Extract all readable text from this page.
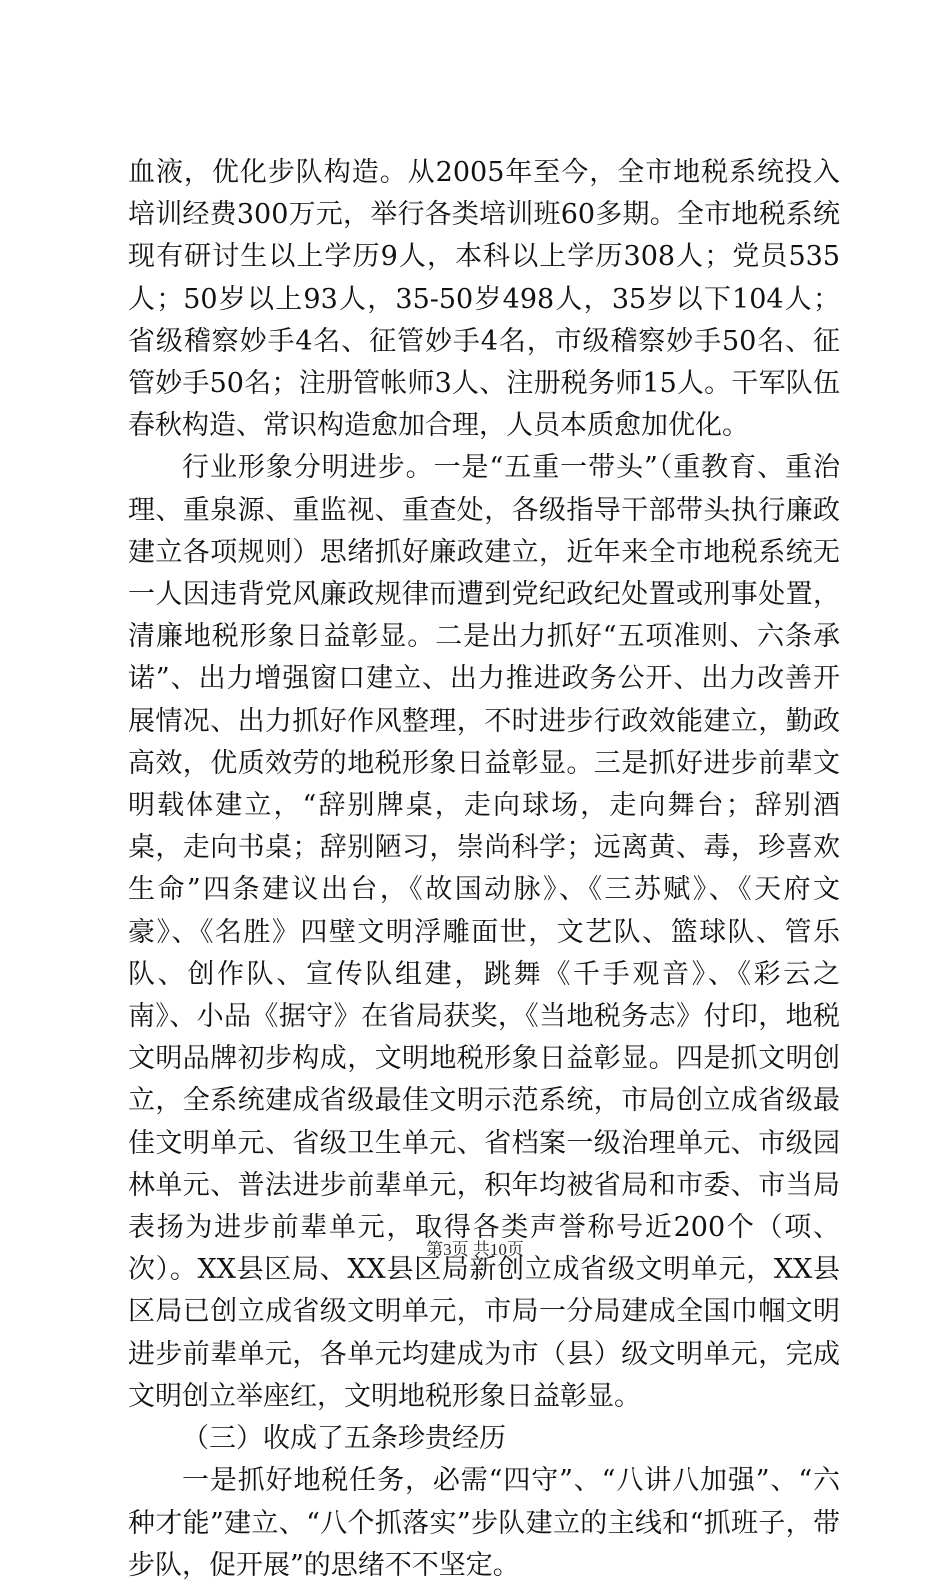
血液，优化步队构造。从2005年至今，全市地税系统投入培训经费300万元，举行各类培训班60多期。全市地税系统现有研讨生以上学历9人，本科以上学历308人；党员535人；50岁以上93人，35-50岁498人，35岁以下104人；省级稽察妙手4名、征管妙手4名，市级稽察妙手50名、征管妙手50名；注册管帐师3人、注册税务师15人。干军队伍春秋构造、常识构造愈加合理，人员本质愈加优化。

行业形象分明进步。一是“五重一带头”（重教育、重治理、重泉源、重监视、重查处，各级指导干部带头执行廉政建立各项规则）思绪抓好廉政建立，近年来全市地税系统无一人因违背党风廉政规律而遭到党纪政纪处置或刑事处置，清廉地税形象日益彰显。二是出力抓好“五项准则、六条承诺”、出力增强窗口建立、出力推进政务公开、出力改善开展情况、出力抓好作风整理，不时进步行政效能建立，勤政高效，优质效劳的地税形象日益彰显。三是抓好进步前辈文明载体建立，“辞别牌桌，走向球场，走向舞台；辞别酒桌，走向书桌；辞别陋习，崇尚科学；远离黄、毒，珍喜欢生命”四条建议出台，《故国动脉》、《三苏赋》、《天府文豪》、《名胜》四壁文明浮雕面世，文艺队、篮球队、管乐队、创作队、宣传队组建，跳舞《千手观音》、《彩云之南》、小品《据守》在省局获奖，《当地税务志》付印，地税文明品牌初步构成，文明地税形象日益彰显。四是抓文明创立，全系统建成省级最佳文明示范系统，市局创立成省级最佳文明单元、省级卫生单元、省档案一级治理单元、市级园林单元、普法进步前辈单元，积年均被省局和市委、市当局表扬为进步前辈单元，取得各类声誉称号近200个（项、次）。XX县区局、XX县区局新创立成省级文明单元，XX县区局已创立成省级文明单元，市局一分局建成全国巾帼文明进步前辈单元，各单元均建成为市（县）级文明单元，完成文明创立举座红，文明地税形象日益彰显。

（三）收成了五条珍贵经历

一是抓好地税任务，必需“四守”、“八讲八加强”、“六种才能”建立、“八个抓落实”步队建立的主线和“抓班子，带步队，促开展”的思绪不不坚定。

第3页 共10页
